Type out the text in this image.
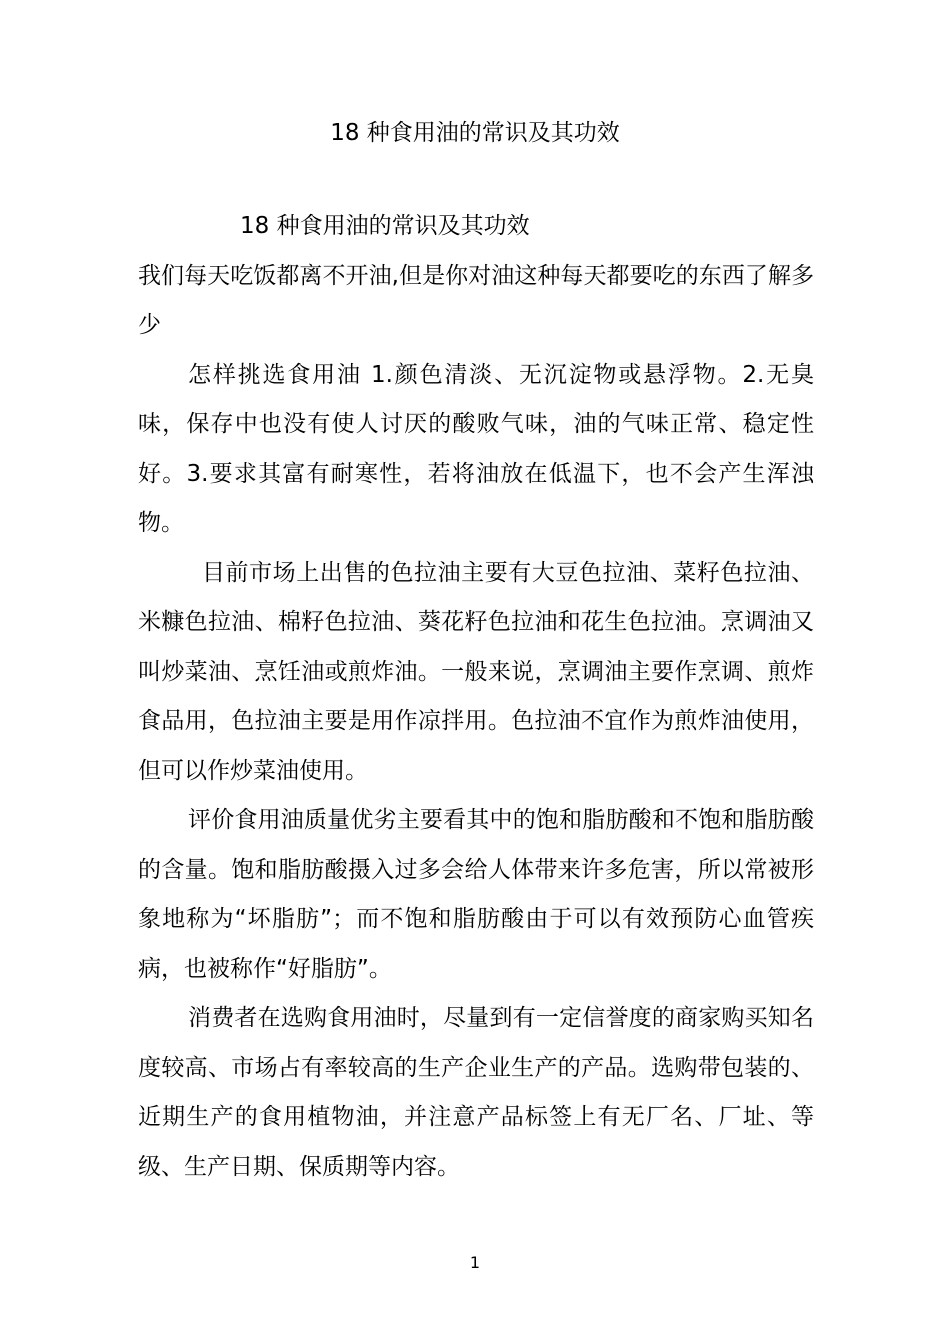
18 种食用油的常识及其功效
18 种食用油的常识及其功效

我们每天吃饭都离不开油,但是你对油这种每天都要吃的东西了解多少

怎样挑选食用油 1.颜色清淡、无沉淀物或悬浮物。2.无臭味，保存中也没有使人讨厌的酸败气味，油的气味正常、稳定性好。3.要求其富有耐寒性，若将油放在低温下，也不会产生浑浊物。

目前市场上出售的色拉油主要有大豆色拉油、菜籽色拉油、米糠色拉油、棉籽色拉油、葵花籽色拉油和花生色拉油。烹调油又叫炒菜油、烹饪油或煎炸油。一般来说，烹调油主要作烹调、煎炸食品用，色拉油主要是用作凉拌用。色拉油不宜作为煎炸油使用，但可以作炒菜油使用。

评价食用油质量优劣主要看其中的饱和脂肪酸和不饱和脂肪酸的含量。饱和脂肪酸摄入过多会给人体带来许多危害，所以常被形象地称为“坏脂肪”；而不饱和脂肪酸由于可以有效预防心血管疾病，也被称作“好脂肪”。

消费者在选购食用油时，尽量到有一定信誉度的商家购买知名度较高、市场占有率较高的生产企业生产的产品。选购带包装的、近期生产的食用植物油，并注意产品标签上有无厂名、厂址、等级、生产日期、保质期等内容。

1
